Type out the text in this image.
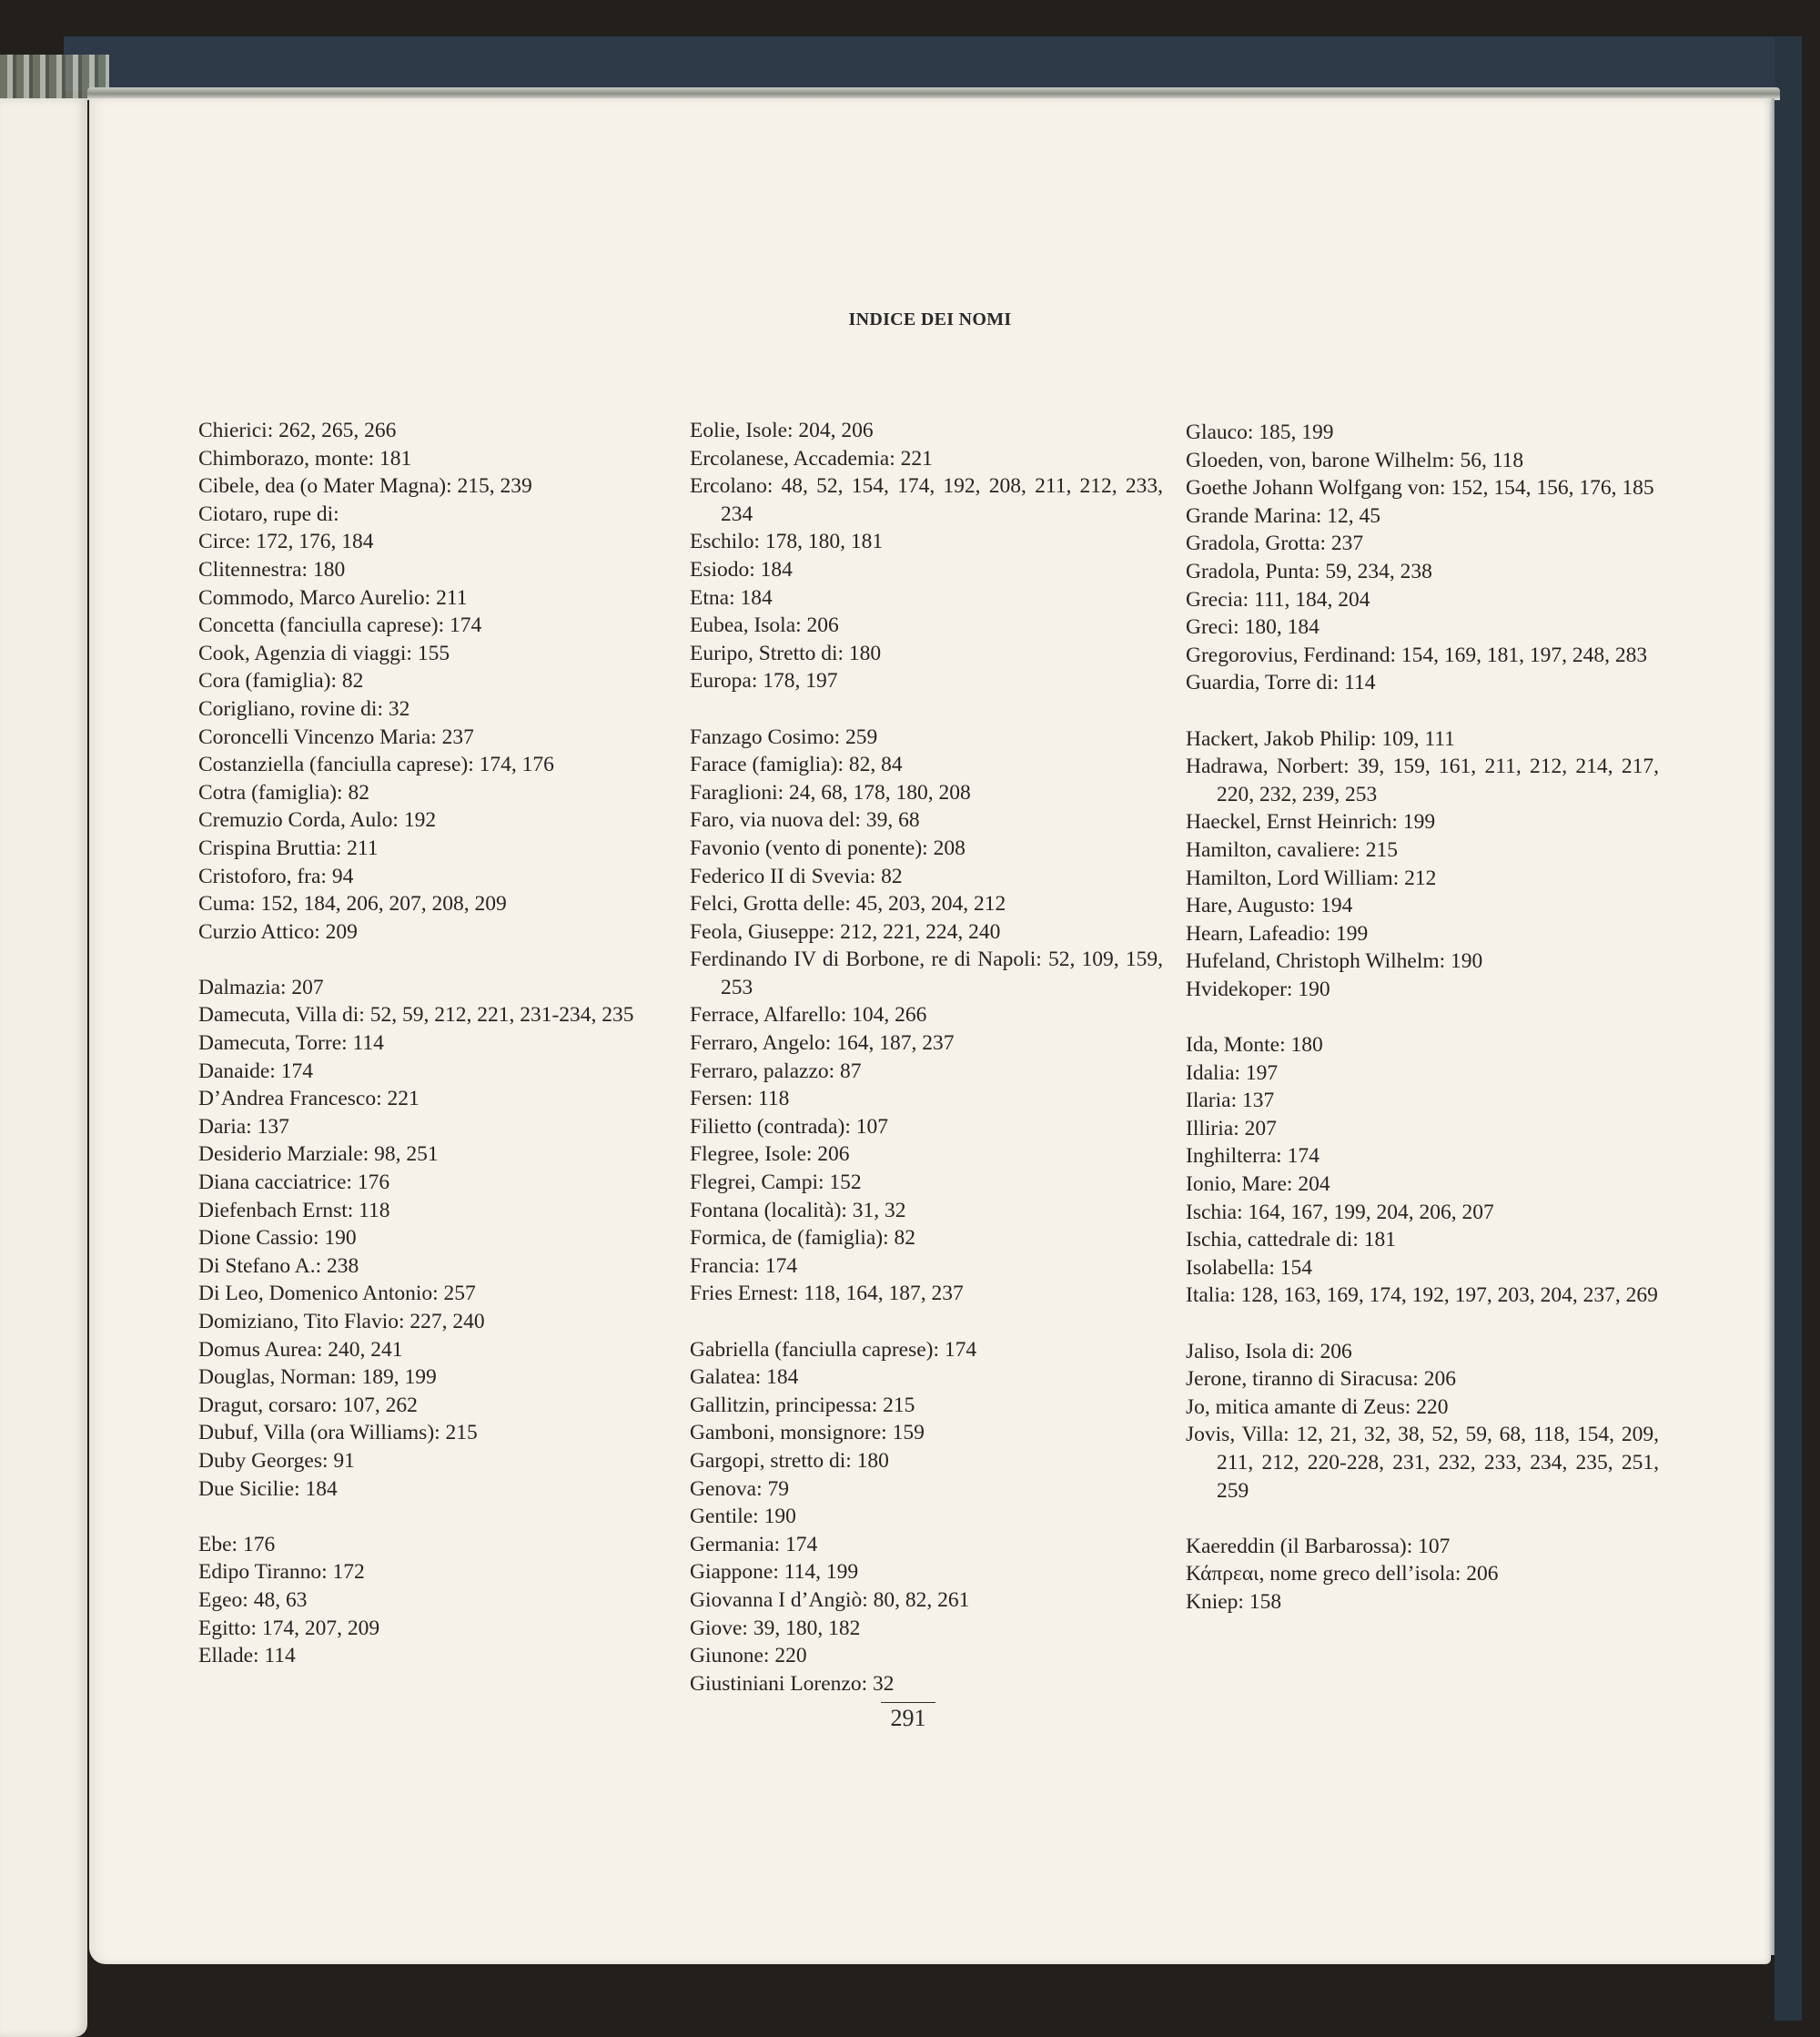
INDICE DEI NOMI
Chierici: 262, 265, 266
Chimborazo, monte: 181
Cibele, dea (o Mater Magna): 215, 239
Ciotaro, rupe di:
Circe: 172, 176, 184
Clitennestra: 180
Commodo, Marco Aurelio: 211
Concetta (fanciulla caprese): 174
Cook, Agenzia di viaggi: 155
Cora (famiglia): 82
Corigliano, rovine di: 32
Coroncelli Vincenzo Maria: 237
Costanziella (fanciulla caprese): 174, 176
Cotra (famiglia): 82
Cremuzio Corda, Aulo: 192
Crispina Bruttia: 211
Cristoforo, fra: 94
Cuma: 152, 184, 206, 207, 208, 209
Curzio Attico: 209
Dalmazia: 207
Damecuta, Villa di: 52, 59, 212, 221, 231-234, 235
Damecuta, Torre: 114
Danaide: 174
D’Andrea Francesco: 221
Daria: 137
Desiderio Marziale: 98, 251
Diana cacciatrice: 176
Diefenbach Ernst: 118
Dione Cassio: 190
Di Stefano A.: 238
Di Leo, Domenico Antonio: 257
Domiziano, Tito Flavio: 227, 240
Domus Aurea: 240, 241
Douglas, Norman: 189, 199
Dragut, corsaro: 107, 262
Dubuf, Villa (ora Williams): 215
Duby Georges: 91
Due Sicilie: 184
Ebe: 176
Edipo Tiranno: 172
Egeo: 48, 63
Egitto: 174, 207, 209
Ellade: 114
Eolie, Isole: 204, 206
Ercolanese, Accademia: 221
Ercolano: 48, 52, 154, 174, 192, 208, 211, 212, 233, 234
Eschilo: 178, 180, 181
Esiodo: 184
Etna: 184
Eubea, Isola: 206
Euripo, Stretto di: 180
Europa: 178, 197
Fanzago Cosimo: 259
Farace (famiglia): 82, 84
Faraglioni: 24, 68, 178, 180, 208
Faro, via nuova del: 39, 68
Favonio (vento di ponente): 208
Federico II di Svevia: 82
Felci, Grotta delle: 45, 203, 204, 212
Feola, Giuseppe: 212, 221, 224, 240
Ferdinando IV di Borbone, re di Napoli: 52, 109, 159, 253
Ferrace, Alfarello: 104, 266
Ferraro, Angelo: 164, 187, 237
Ferraro, palazzo: 87
Fersen: 118
Filietto (contrada): 107
Flegree, Isole: 206
Flegrei, Campi: 152
Fontana (località): 31, 32
Formica, de (famiglia): 82
Francia: 174
Fries Ernest: 118, 164, 187, 237
Gabriella (fanciulla caprese): 174
Galatea: 184
Gallitzin, principessa: 215
Gamboni, monsignore: 159
Gargopi, stretto di: 180
Genova: 79
Gentile: 190
Germania: 174
Giappone: 114, 199
Giovanna I d’Angiò: 80, 82, 261
Giove: 39, 180, 182
Giunone: 220
Giustiniani Lorenzo: 32
Glauco: 185, 199
Gloeden, von, barone Wilhelm: 56, 118
Goethe Johann Wolfgang von: 152, 154, 156, 176, 185
Grande Marina: 12, 45
Gradola, Grotta: 237
Gradola, Punta: 59, 234, 238
Grecia: 111, 184, 204
Greci: 180, 184
Gregorovius, Ferdinand: 154, 169, 181, 197, 248, 283
Guardia, Torre di: 114
Hackert, Jakob Philip: 109, 111
Hadrawa, Norbert: 39, 159, 161, 211, 212, 214, 217, 220, 232, 239, 253
Haeckel, Ernst Heinrich: 199
Hamilton, cavaliere: 215
Hamilton, Lord William: 212
Hare, Augusto: 194
Hearn, Lafeadio: 199
Hufeland, Christoph Wilhelm: 190
Hvidekoper: 190
Ida, Monte: 180
Idalia: 197
Ilaria: 137
Illiria: 207
Inghilterra: 174
Ionio, Mare: 204
Ischia: 164, 167, 199, 204, 206, 207
Ischia, cattedrale di: 181
Isolabella: 154
Italia: 128, 163, 169, 174, 192, 197, 203, 204, 237, 269
Jaliso, Isola di: 206
Jerone, tiranno di Siracusa: 206
Jo, mitica amante di Zeus: 220
Jovis, Villa: 12, 21, 32, 38, 52, 59, 68, 118, 154, 209, 211, 212, 220-228, 231, 232, 233, 234, 235, 251, 259
Kaereddin (il Barbarossa): 107
Κάπρεαι, nome greco dell’isola: 206
Kniep: 158
291
